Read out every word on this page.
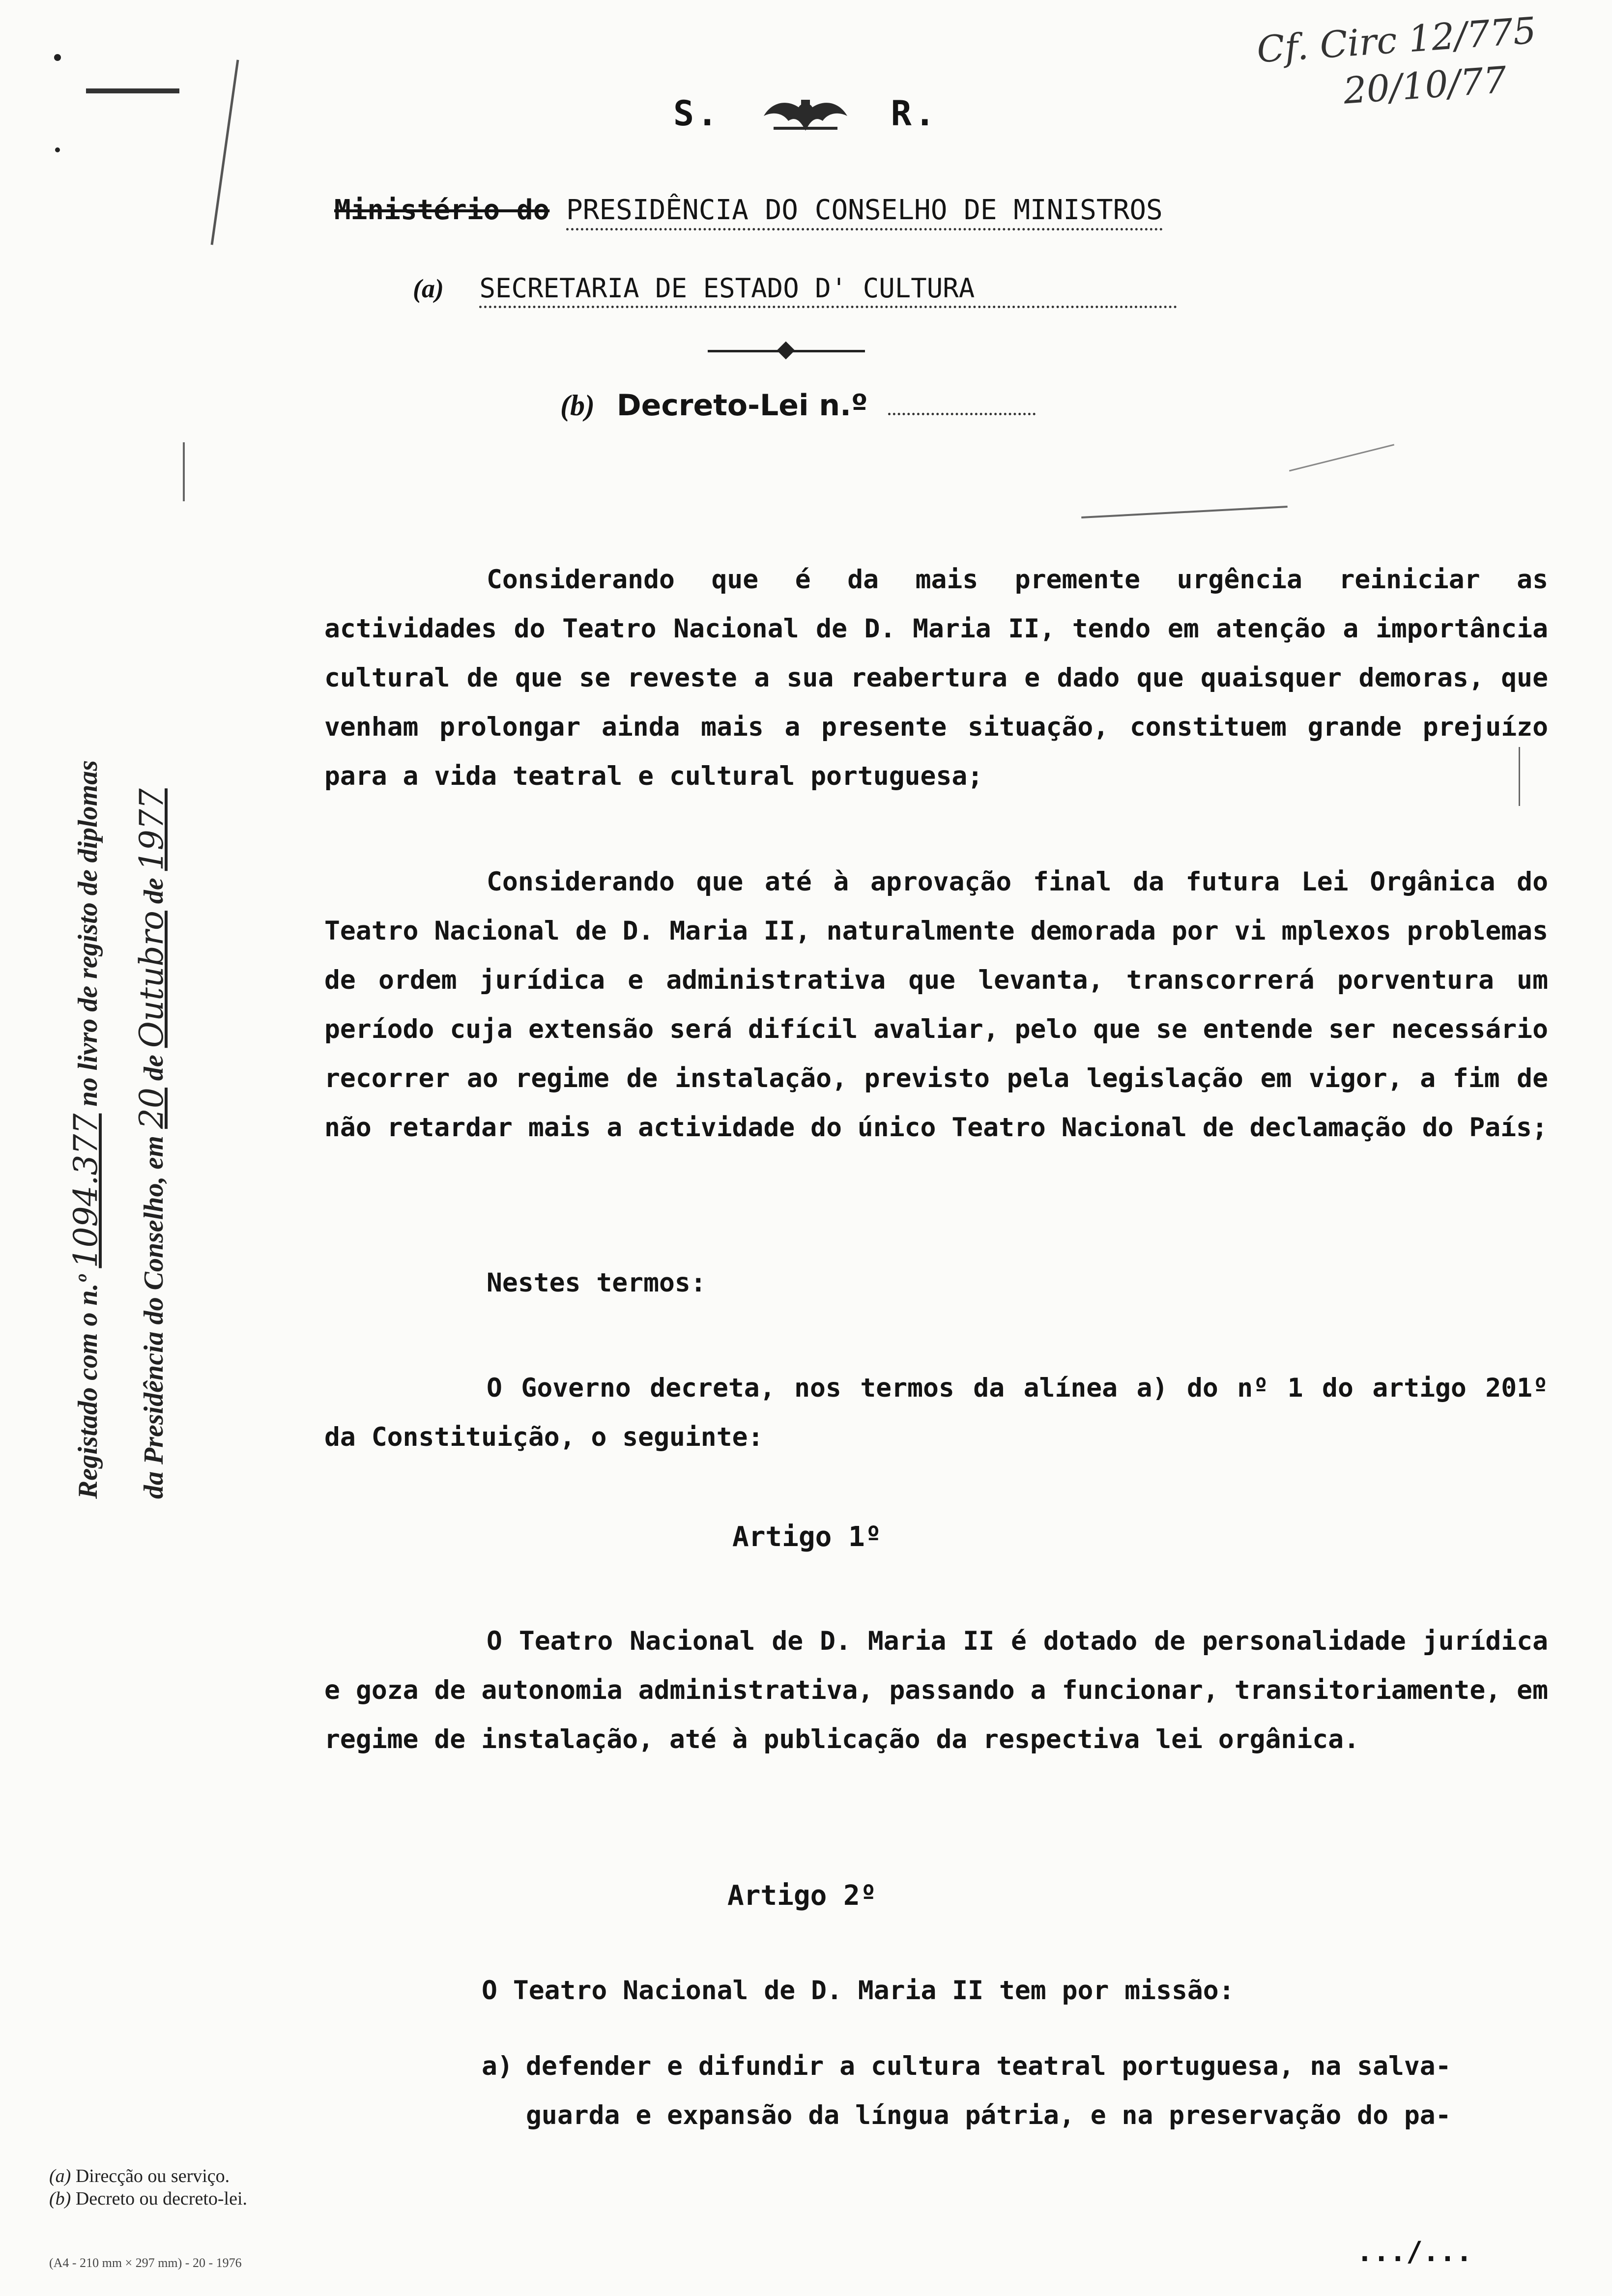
Cf. Circ 12/775
20/10/77
S.	R.
Ministério do PRESIDÊNCIA DO CONSELHO DE MINISTROS
(a) SECRETARIA DE ESTADO D' CULTURA
(b) Decreto-Lei n.º
Registado com o n.º 1094.377 no livro de registo de diplomas
da Presidência do Conselho, em 20 de Outubro de 1977
Considerando que é da mais premente urgência reiniciar as actividades do Teatro Nacional de D. Maria II, tendo em atenção a importância cultural de que se reveste a sua reabertura e dado que quaisquer demoras, que venham prolongar ainda mais a presente situação, constituem grande prejuízo para a vida teatral e cultural portuguesa;
Considerando que até à aprovação final da futura Lei Orgânica do Teatro Nacional de D. Maria II, naturalmente demorada por vi mplexos problemas de ordem jurídica e administrativa que levanta, transcorrerá porventura um período cuja extensão será difícil avaliar, pelo que se entende ser necessário recorrer ao regime de instalação, previsto pela legislação em vigor, a fim de não retardar mais a actividade do único Teatro Nacional de declamação do País;
Nestes termos:
O Governo decreta, nos termos da alínea a) do nº 1 do artigo 201º da Constituição, o seguinte:
Artigo 1º
O Teatro Nacional de D. Maria II é dotado de personalidade jurídica e goza de autonomia administrativa, passando a funcionar, transitoriamente, em regime de instalação, até à publicação da respectiva lei orgânica.
Artigo 2º
O Teatro Nacional de D. Maria II tem por missão:
a) defender e difundir a cultura teatral portuguesa, na salva-
guarda e expansão da língua pátria, e na preservação do pa-
(a) Direcção ou serviço.
(b) Decreto ou decreto-lei.
(A4 - 210 mm × 297 mm) - 20 - 1976	.../...
